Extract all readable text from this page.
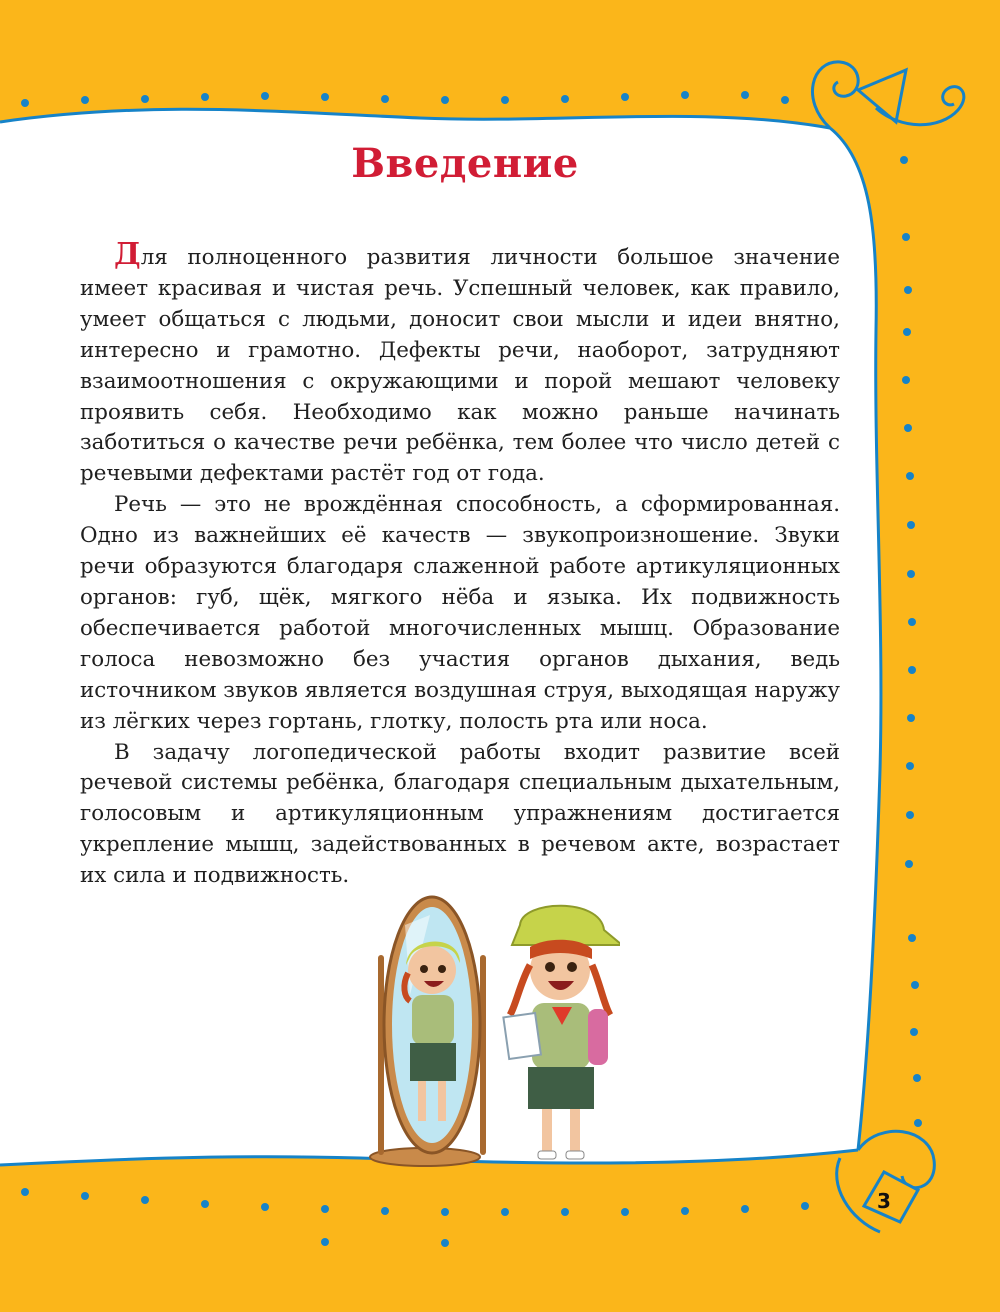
Введение

Для полноценного развития личности большое значение имеет красивая и чистая речь. Успешный человек, как правило, умеет общаться с людьми, доносит свои мысли и идеи внятно, интересно и грамотно. Дефекты речи, наоборот, затрудняют взаимоотношения с окружающими и порой мешают человеку проявить себя. Необходимо как можно раньше начинать заботиться о качестве речи ребёнка, тем более что число детей с речевыми дефектами растёт год от года.

Речь — это не врождённая способность, а сформированная. Одно из важнейших её качеств — звукопроизношение. Звуки речи образуются благодаря слаженной работе артикуляционных органов: губ, щёк, мягкого нёба и языка. Их подвижность обеспечивается работой многочисленных мышц. Образование голоса невозможно без участия органов дыхания, ведь источником звуков является воздушная струя, выходящая наружу из лёгких через гортань, глотку, полость рта или носа.

В задачу логопедической работы входит развитие всей речевой системы ребёнка, благодаря специальным дыхательным, голосовым и артикуляционным упражнениям достигается укрепление мышц, задействованных в речевом акте, возрастает их сила и подвижность.

3
